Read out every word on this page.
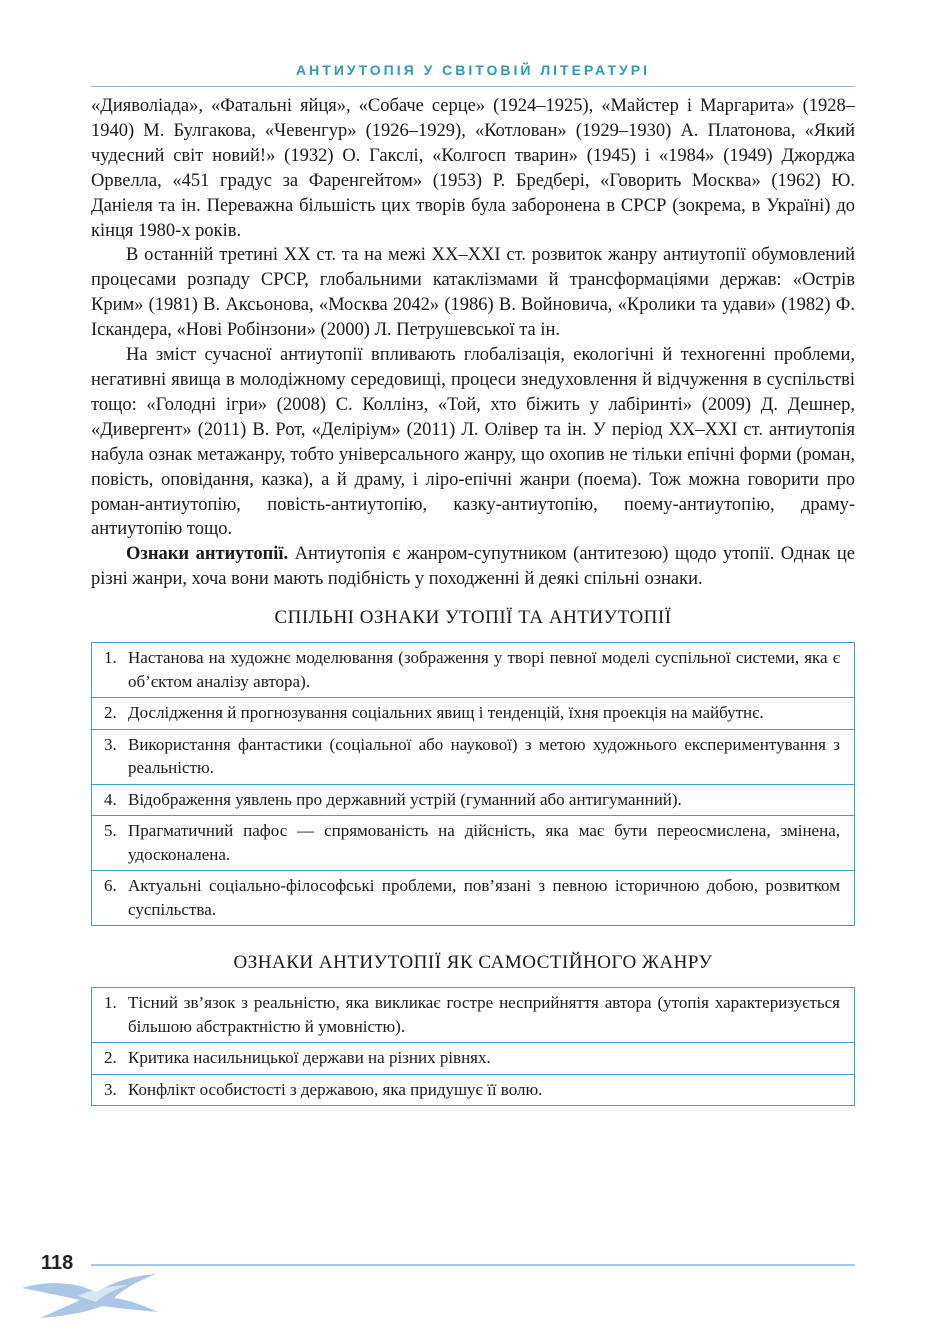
АНТИУТОПІЯ У СВІТОВІЙ ЛІТЕРАТУРІ

«Дияволіада», «Фатальні яйця», «Собаче серце» (1924–1925), «Майстер і Маргарита» (1928–1940) М. Булгакова, «Чевенгур» (1926–1929), «Котлован» (1929–1930) А. Платонова, «Який чудесний світ новий!» (1932) О. Гакслі, «Колгосп тварин» (1945) і «1984» (1949) Джорджа Орвелла, «451 градус за Фаренгейтом» (1953) Р. Бредбері, «Говорить Москва» (1962) Ю. Даніеля та ін. Переважна більшість цих творів була заборонена в СРСР (зокрема, в Україні) до кінця 1980-х років.

В останній третині XX ст. та на межі XX–XXI ст. розвиток жанру антиутопії обумовлений процесами розпаду СРСР, глобальними катаклізмами й трансформаціями держав: «Острів Крим» (1981) В. Аксьонова, «Москва 2042» (1986) В. Войновича, «Кролики та удави» (1982) Ф. Іскандера, «Нові Робінзони» (2000) Л. Петрушевської та ін.

На зміст сучасної антиутопії впливають глобалізація, екологічні й техногенні проблеми, негативні явища в молодіжному середовищі, процеси знедуховлення й відчуження в суспільстві тощо: «Голодні ігри» (2008) С. Коллінз, «Той, хто біжить у лабіринті» (2009) Д. Дешнер, «Дивергент» (2011) В. Рот, «Деліріум» (2011) Л. Олівер та ін. У період XX–XXI ст. антиутопія набула ознак метажанру, тобто універсального жанру, що охопив не тільки епічні форми (роман, повість, оповідання, казка), а й драму, і ліро-епічні жанри (поема). Тож можна говорити про роман-антиутопію, повість-антиутопію, казку-антиутопію, поему-антиутопію, драму-антиутопію тощо.

Ознаки антиутопії. Антиутопія є жанром-супутником (антитезою) щодо утопії. Однак це різні жанри, хоча вони мають подібність у походженні й деякі спільні ознаки.

СПІЛЬНІ ОЗНАКИ УТОПІЇ ТА АНТИУТОПІЇ
1. Настанова на художнє моделювання (зображення у творі певної моделі суспільної системи, яка є об’єктом аналізу автора).

2. Дослідження й прогнозування соціальних явищ і тенденцій, їхня проекція на майбутнє.

3. Використання фантастики (соціальної або наукової) з метою художнього експериментування з реальністю.

4. Відображення уявлень про державний устрій (гуманний або антигуманний).

5. Прагматичний пафос — спрямованість на дійсність, яка має бути переосмислена, змінена, удосконалена.

6. Актуальні соціально-філософські проблеми, пов’язані з певною історичною добою, розвитком суспільства.
ОЗНАКИ АНТИУТОПІЇ ЯК САМОСТІЙНОГО ЖАНРУ
1. Тісний зв’язок з реальністю, яка викликає гостре несприйняття автора (утопія характеризується більшою абстрактністю й умовністю).

2. Критика насильницької держави на різних рівнях.

3. Конфлікт особистості з державою, яка придушує її волю.
118
